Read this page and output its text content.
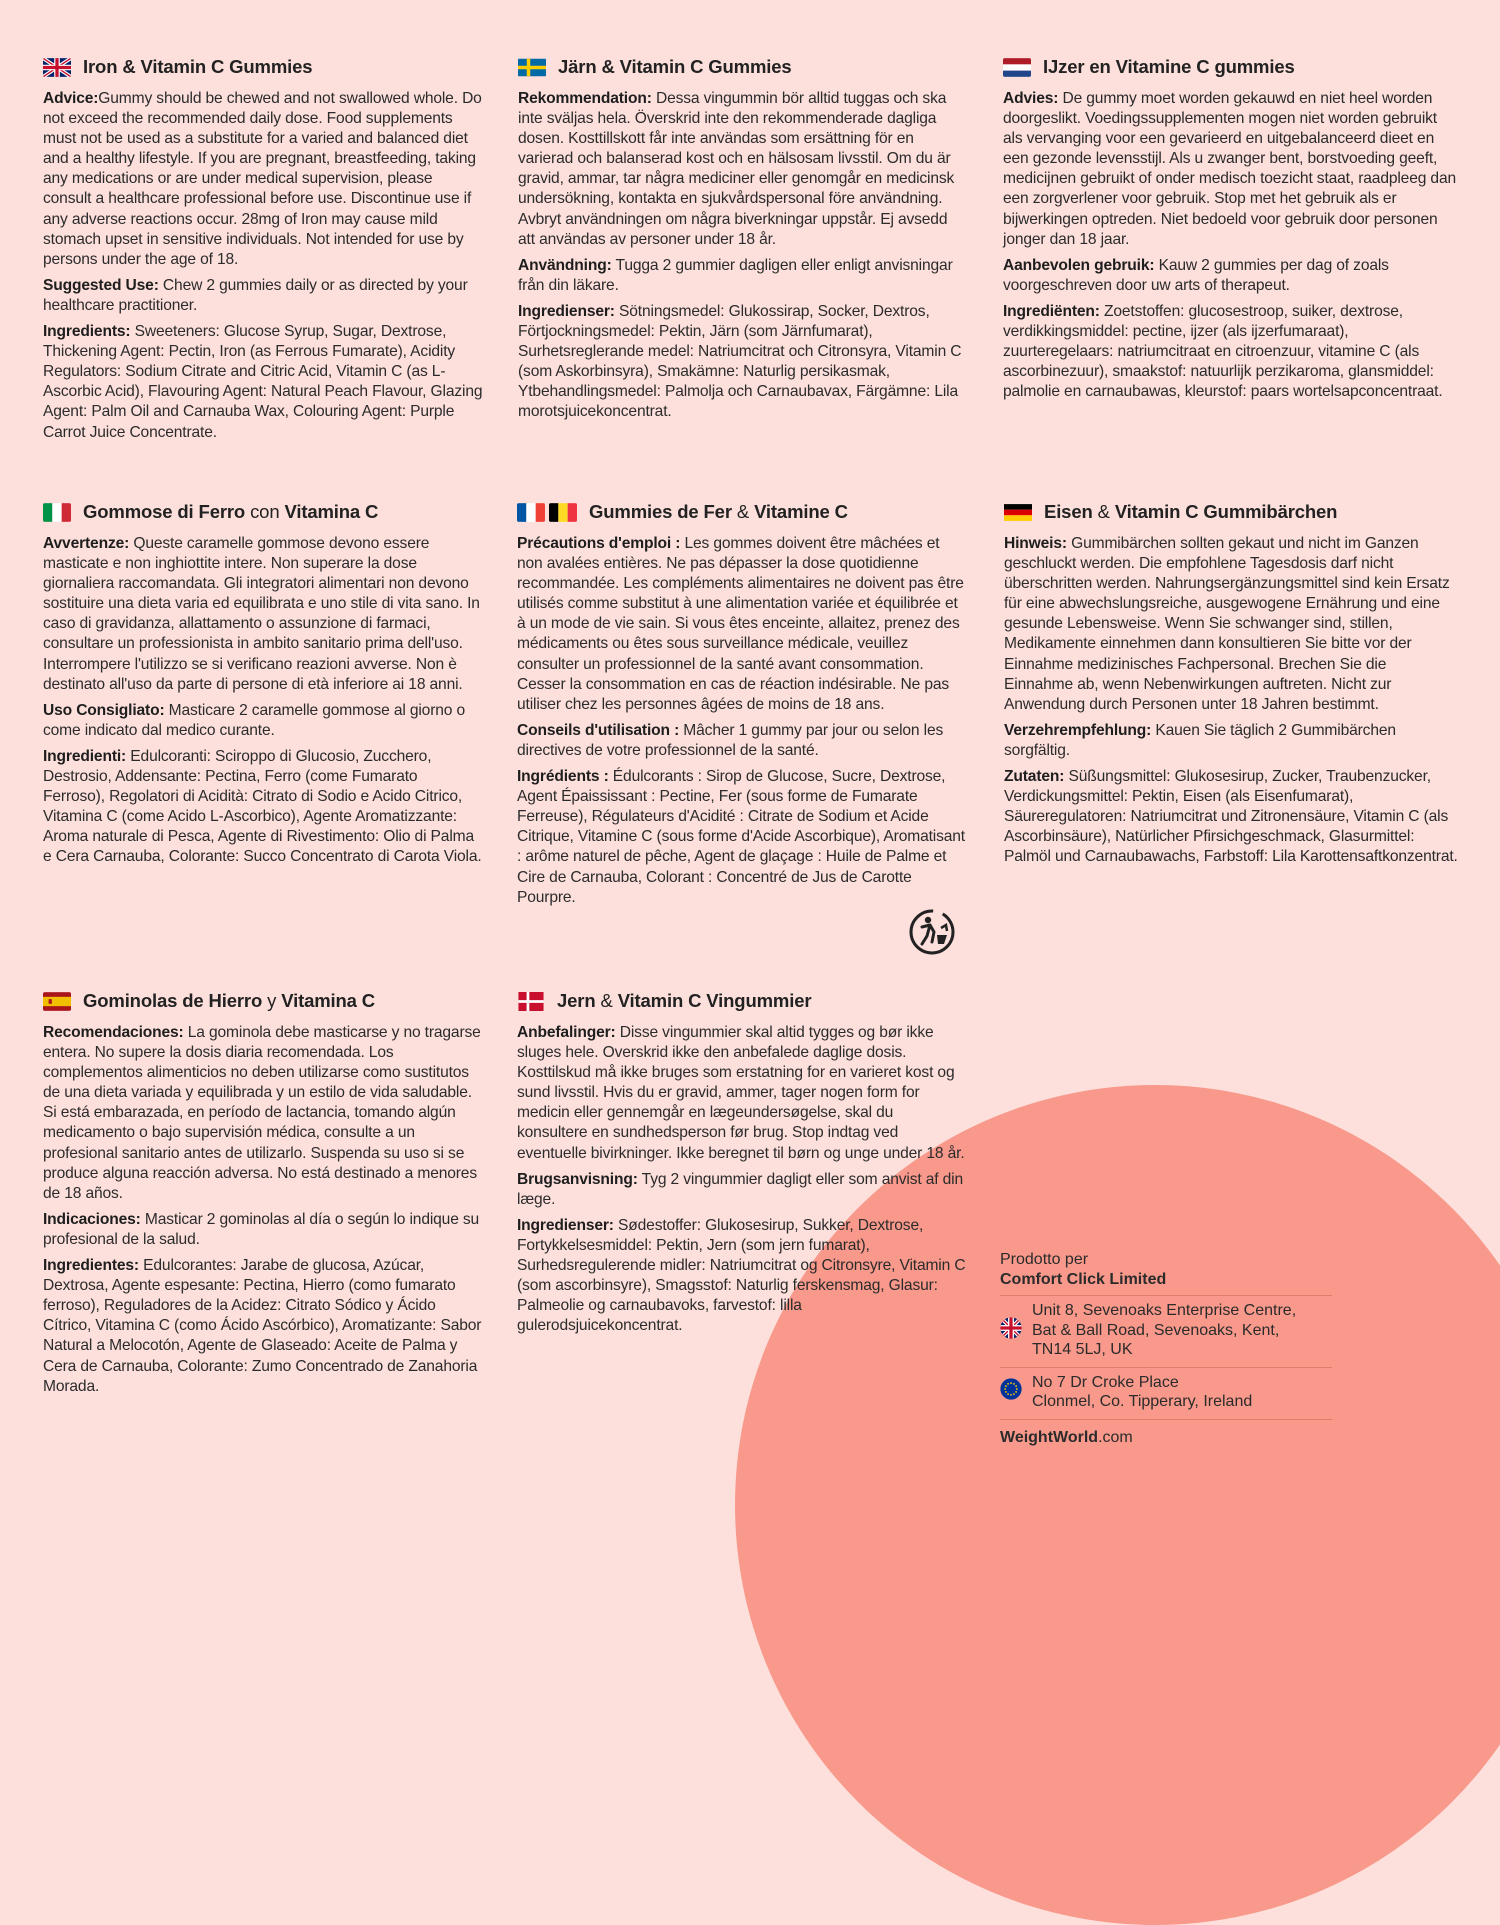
Iron & Vitamin C Gummies

Advice:Gummy should be chewed and not swallowed whole. Do not exceed the recommended daily dose. Food supplements must not be used as a substitute for a varied and balanced diet and a healthy lifestyle. If you are pregnant, breastfeeding, taking any medications or are under medical supervision, please consult a healthcare professional before use. Discontinue use if any adverse reactions occur. 28mg of Iron may cause mild stomach upset in sensitive individuals. Not intended for use by persons under the age of 18.

Suggested Use: Chew 2 gummies daily or as directed by your healthcare practitioner.

Ingredients: Sweeteners: Glucose Syrup, Sugar, Dextrose, Thickening Agent: Pectin, Iron (as Ferrous Fumarate), Acidity Regulators: Sodium Citrate and Citric Acid, Vitamin C (as L-Ascorbic Acid), Flavouring Agent: Natural Peach Flavour, Glazing Agent: Palm Oil and Carnauba Wax, Colouring Agent: Purple Carrot Juice Concentrate.

Järn & Vitamin C Gummies

Rekommendation: Dessa vingummin bör alltid tuggas och ska inte sväljas hela. Överskrid inte den rekommenderade dagliga dosen. Kosttillskott får inte användas som ersättning för en varierad och balanserad kost och en hälsosam livsstil. Om du är gravid, ammar, tar några mediciner eller genomgår en medicinsk undersökning, kontakta en sjukvårdspersonal före användning. Avbryt användningen om några biverkningar uppstår. Ej avsedd att användas av personer under 18 år.

Användning: Tugga 2 gummier dagligen eller enligt anvisningar från din läkare.

Ingredienser: Sötningsmedel: Glukossirap, Socker, Dextros, Förtjockningsmedel: Pektin, Järn (som Järnfumarat), Surhetsreglerande medel: Natriumcitrat och Citronsyra, Vitamin C (som Askorbinsyra), Smakämne: Naturlig persikasmak, Ytbehandlingsmedel: Palmolja och Carnaubavax, Färgämne: Lila morotsjuicekoncentrat.

IJzer en Vitamine C gummies

Advies: De gummy moet worden gekauwd en niet heel worden doorgeslikt. Voedingssupplementen mogen niet worden gebruikt als vervanging voor een gevarieerd en uitgebalanceerd dieet en een gezonde levensstijl. Als u zwanger bent, borstvoeding geeft, medicijnen gebruikt of onder medisch toezicht staat, raadpleeg dan een zorgverlener voor gebruik. Stop met het gebruik als er bijwerkingen optreden. Niet bedoeld voor gebruik door personen jonger dan 18 jaar.

Aanbevolen gebruik: Kauw 2 gummies per dag of zoals voorgeschreven door uw arts of therapeut.

Ingrediënten: Zoetstoffen: glucosestroop, suiker, dextrose, verdikkingsmiddel: pectine, ijzer (als ijzerfumaraat), zuurteregelaars: natriumcitraat en citroenzuur, vitamine C (als ascorbinezuur), smaakstof: natuurlijk perzikaroma, glansmiddel: palmolie en carnaubawas, kleurstof: paars wortelsapconcentraat.

Gommose di Ferro con Vitamina C

Avvertenze: Queste caramelle gommose devono essere masticate e non inghiottite intere. Non superare la dose giornaliera raccomandata. Gli integratori alimentari non devono sostituire una dieta varia ed equilibrata e uno stile di vita sano. In caso di gravidanza, allattamento o assunzione di farmaci, consultare un professionista in ambito sanitario prima dell'uso. Interrompere l'utilizzo se si verificano reazioni avverse. Non è destinato all'uso da parte di persone di età inferiore ai 18 anni.

Uso Consigliato: Masticare 2 caramelle gommose al giorno o come indicato dal medico curante.

Ingredienti: Edulcoranti: Sciroppo di Glucosio, Zucchero, Destrosio, Addensante: Pectina, Ferro (come Fumarato Ferroso), Regolatori di Acidità: Citrato di Sodio e Acido Citrico, Vitamina C (come Acido L-Ascorbico), Agente Aromatizzante: Aroma naturale di Pesca, Agente di Rivestimento: Olio di Palma e Cera Carnauba, Colorante: Succo Concentrato di Carota Viola.

Gummies de Fer & Vitamine C

Précautions d'emploi : Les gommes doivent être mâchées et non avalées entières. Ne pas dépasser la dose quotidienne recommandée. Les compléments alimentaires ne doivent pas être utilisés comme substitut à une alimentation variée et équilibrée et à un mode de vie sain. Si vous êtes enceinte, allaitez, prenez des médicaments ou êtes sous surveillance médicale, veuillez consulter un professionnel de la santé avant consommation. Cesser la consommation en cas de réaction indésirable. Ne pas utiliser chez les personnes âgées de moins de 18 ans.

Conseils d'utilisation : Mâcher 1 gummy par jour ou selon les directives de votre professionnel de la santé.

Ingrédients : Édulcorants : Sirop de Glucose, Sucre, Dextrose, Agent Épaississant : Pectine, Fer (sous forme de Fumarate Ferreuse), Régulateurs d'Acidité : Citrate de Sodium et Acide Citrique, Vitamine C (sous forme d'Acide Ascorbique), Aromatisant : arôme naturel de pêche, Agent de glaçage : Huile de Palme et Cire de Carnauba, Colorant : Concentré de Jus de Carotte Pourpre.

Eisen & Vitamin C Gummibärchen

Hinweis: Gummibärchen sollten gekaut und nicht im Ganzen geschluckt werden. Die empfohlene Tagesdosis darf nicht überschritten werden. Nahrungsergänzungsmittel sind kein Ersatz für eine abwechslungsreiche, ausgewogene Ernährung und eine gesunde Lebensweise. Wenn Sie schwanger sind, stillen, Medikamente einnehmen dann konsultieren Sie bitte vor der Einnahme medizinisches Fachpersonal. Brechen Sie die Einnahme ab, wenn Nebenwirkungen auftreten. Nicht zur Anwendung durch Personen unter 18 Jahren bestimmt.

Verzehrempfehlung: Kauen Sie täglich 2 Gummibärchen sorgfältig.

Zutaten: Süßungsmittel: Glukosesirup, Zucker, Traubenzucker, Verdickungsmittel: Pektin, Eisen (als Eisenfumarat), Säureregulatoren: Natriumcitrat und Zitronensäure, Vitamin C (als Ascorbinsäure), Natürlicher Pfirsichgeschmack, Glasurmittel: Palmöl und Carnaubawachs, Farbstoff: Lila Karottensaftkonzentrat.

Gominolas de Hierro y Vitamina C

Recomendaciones: La gominola debe masticarse y no tragarse entera. No supere la dosis diaria recomendada. Los complementos alimenticios no deben utilizarse como sustitutos de una dieta variada y equilibrada y un estilo de vida saludable. Si está embarazada, en período de lactancia, tomando algún medicamento o bajo supervisión médica, consulte a un profesional sanitario antes de utilizarlo. Suspenda su uso si se produce alguna reacción adversa. No está destinado a menores de 18 años.

Indicaciones: Masticar 2 gominolas al día o según lo indique su profesional de la salud.

Ingredientes: Edulcorantes: Jarabe de glucosa, Azúcar, Dextrosa, Agente espesante: Pectina, Hierro (como fumarato ferroso), Reguladores de la Acidez: Citrato Sódico y Ácido Cítrico, Vitamina C (como Ácido Ascórbico), Aromatizante: Sabor Natural a Melocotón, Agente de Glaseado: Aceite de Palma y Cera de Carnauba, Colorante: Zumo Concentrado de Zanahoria Morada.

Jern & Vitamin C Vingummier

Anbefalinger: Disse vingummier skal altid tygges og bør ikke sluges hele. Overskrid ikke den anbefalede daglige dosis. Kosttilskud må ikke bruges som erstatning for en varieret kost og sund livsstil. Hvis du er gravid, ammer, tager nogen form for medicin eller gennemgår en lægeundersøgelse, skal du konsultere en sundhedsperson før brug. Stop indtag ved eventuelle bivirkninger. Ikke beregnet til børn og unge under 18 år.

Brugsanvisning: Tyg 2 vingummier dagligt eller som anvist af din læge.

Ingredienser: Sødestoffer: Glukosesirup, Sukker, Dextrose, Fortykkelsesmiddel: Pektin, Jern (som jern fumarat), Surhedsregulerende midler: Natriumcitrat og Citronsyre, Vitamin C (som ascorbinsyre), Smagsstof: Naturlig ferskensmag, Glasur: Palmeolie og carnaubavoks, farvestof: lilla gulerodsjuicekoncentrat.

Prodotto per
Comfort Click Limited
Unit 8, Sevenoaks Enterprise Centre,
Bat & Ball Road, Sevenoaks, Kent,
TN14 5LJ, UK
No 7 Dr Croke Place
Clonmel, Co. Tipperary, Ireland
WeightWorld.com
